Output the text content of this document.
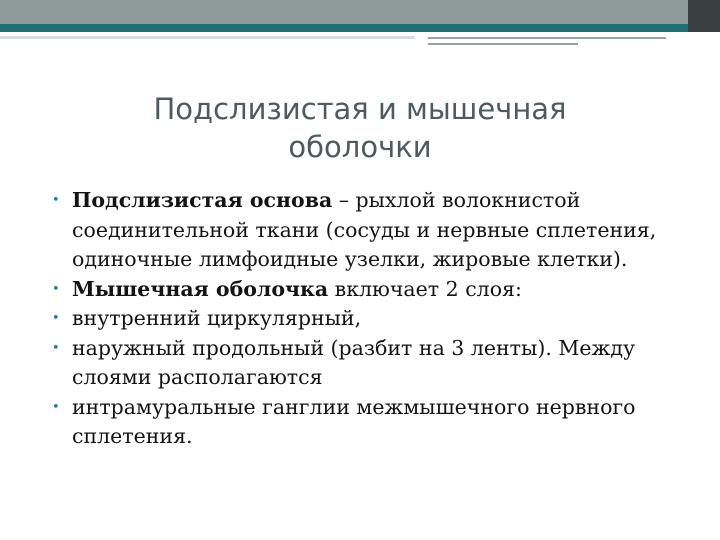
Подслизистая и мышечная
оболочки
• Подслизистая основа – рыхлой волокнистой соединительной ткани (сосуды и нервные сплетения, одиночные лимфоидные узелки, жировые клетки).
• Мышечная оболочка включает 2 слоя:
• внутренний циркулярный,
• наружный продольный (разбит на 3 ленты). Между слоями располагаются
• интрамуральные ганглии межмышечного нервного сплетения.
